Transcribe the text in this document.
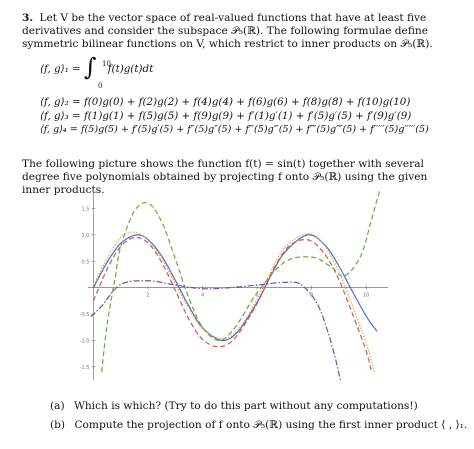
3. Let V be the vector space of real-valued functions that have at least five derivatives and consider the subspace 𝒫₅(ℝ). The following formulae define symmetric bilinear functions on V, which restrict to inner products on 𝒫₅(ℝ).
⟨f, g⟩₁ = ∫ 10
0
f(t)g(t)dt
⟨f, g⟩₂ = f(0)g(0) + f(2)g(2) + f(4)g(4) + f(6)g(6) + f(8)g(8) + f(10)g(10)
⟨f, g⟩₃ = f(1)g(1) + f(5)g(5) + f(9)g(9) + f′(1)g′(1) + f′(5)g′(5) + f′(9)g′(9)
⟨f, g⟩₄ = f(5)g(5) + f′(5)g′(5) + f″(5)g″(5) + f‴(5)g‴(5) + f⁗(5)g⁗(5) + f′′′′′(5)g′′′′′(5)
The following picture shows the function f(t) = sin(t) together with several degree five polynomials obtained by projecting f onto 𝒫₅(ℝ) using the given inner products.
2	4	6	8	10
-1.5
-1.0
-0.5
0.5
1.0
1.5
(a) Which is which? (Try to do this part without any computations!)
(b) Compute the projection of f onto 𝒫₅(ℝ) using the first inner product ⟨ , ⟩₁.
